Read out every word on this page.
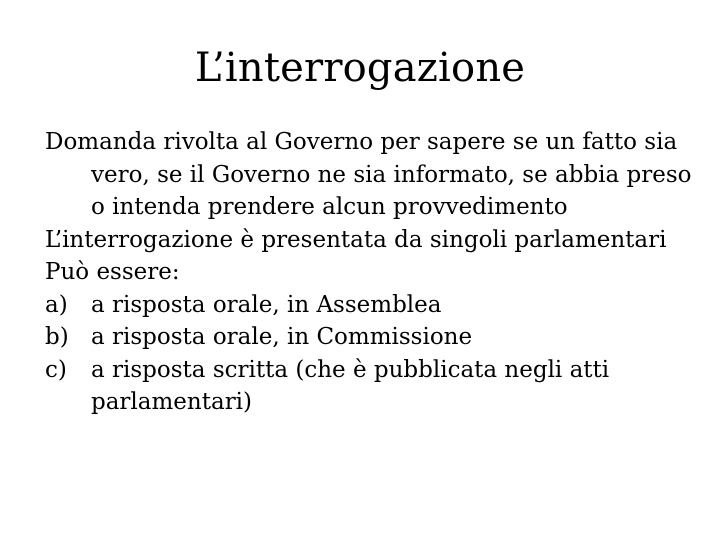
L’interrogazione

Domanda rivolta al Governo per sapere se un fatto sia vero, se il Governo ne sia informato, se abbia preso o intenda prendere alcun provvedimento

L’interrogazione è presentata da singoli parlamentari

Può essere:

a)	a risposta orale, in Assemblea
b) a risposta orale, in Commissione
c)	a risposta scritta (che è pubblicata negli atti parlamentari)
